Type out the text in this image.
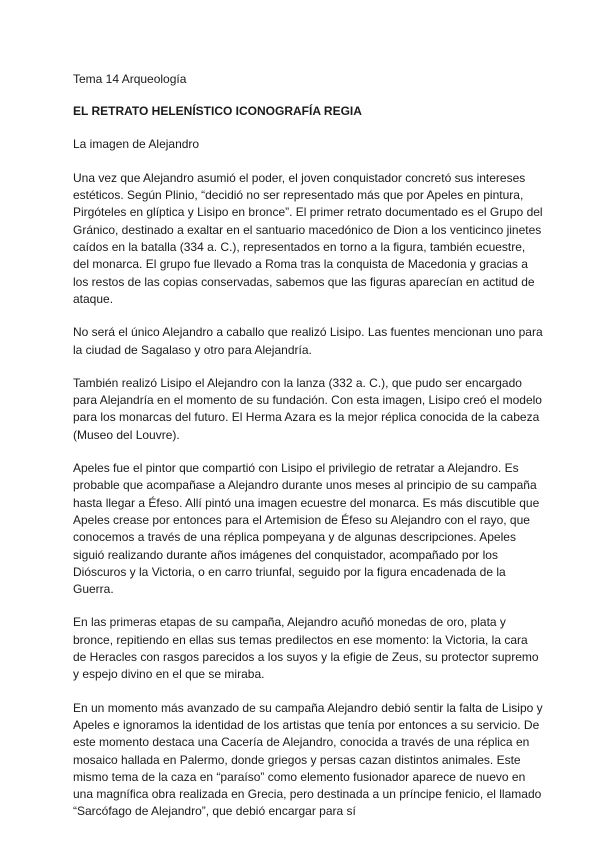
Tema 14 Arqueología

EL RETRATO HELENÍSTICO ICONOGRAFÍA REGIA

La imagen de Alejandro

Una vez que Alejandro asumió el poder, el joven conquistador concretó sus intereses estéticos. Según Plinio, “decidió no ser representado más que por Apeles en pintura, Pirgóteles en glíptica y Lisipo en bronce”. El primer retrato documentado es el Grupo del Gránico, destinado a exaltar en el santuario macedónico de Dion a los venticinco jinetes caídos en la batalla (334 a. C.), representados en torno a la figura, también ecuestre, del monarca. El grupo fue llevado a Roma tras la conquista de Macedonia y gracias a los restos de las copias conservadas, sabemos que las figuras aparecían en actitud de ataque.

No será el único Alejandro a caballo que realizó Lisipo. Las fuentes mencionan uno para la ciudad de Sagalaso y otro para Alejandría.

También realizó Lisipo el Alejandro con la lanza (332 a. C.), que pudo ser encargado para Alejandría en el momento de su fundación. Con esta imagen, Lisipo creó el modelo para los monarcas del futuro. El Herma Azara es la mejor réplica conocida de la cabeza (Museo del Louvre).

Apeles fue el pintor que compartió con Lisipo el privilegio de retratar a Alejandro. Es probable que acompañase a Alejandro durante unos meses al principio de su campaña hasta llegar a Éfeso. Allí pintó una imagen ecuestre del monarca. Es más discutible que Apeles crease por entonces para el Artemision de Éfeso su Alejandro con el rayo, que conocemos a través de una réplica pompeyana y de algunas descripciones. Apeles siguió realizando durante años imágenes del conquistador, acompañado por los Dióscuros y la Victoria, o en carro triunfal, seguido por la figura encadenada de la Guerra.

En las primeras etapas de su campaña, Alejandro acuñó monedas de oro, plata y bronce, repitiendo en ellas sus temas predilectos en ese momento: la Victoria, la cara de Heracles con rasgos parecidos a los suyos y la efigie de Zeus, su protector supremo y espejo divino en el que se miraba.

En un momento más avanzado de su campaña Alejandro debió sentir la falta de Lisipo y Apeles e ignoramos la identidad de los artistas que tenía por entonces a su servicio. De este momento destaca una Cacería de Alejandro, conocida a través de una réplica en mosaico hallada en Palermo, donde griegos y persas cazan distintos animales. Este mismo tema de la caza en “paraíso” como elemento fusionador aparece de nuevo en una magnífica obra realizada en Grecia, pero destinada a un príncipe fenicio, el llamado “Sarcófago de Alejandro”, que debió encargar para sí
